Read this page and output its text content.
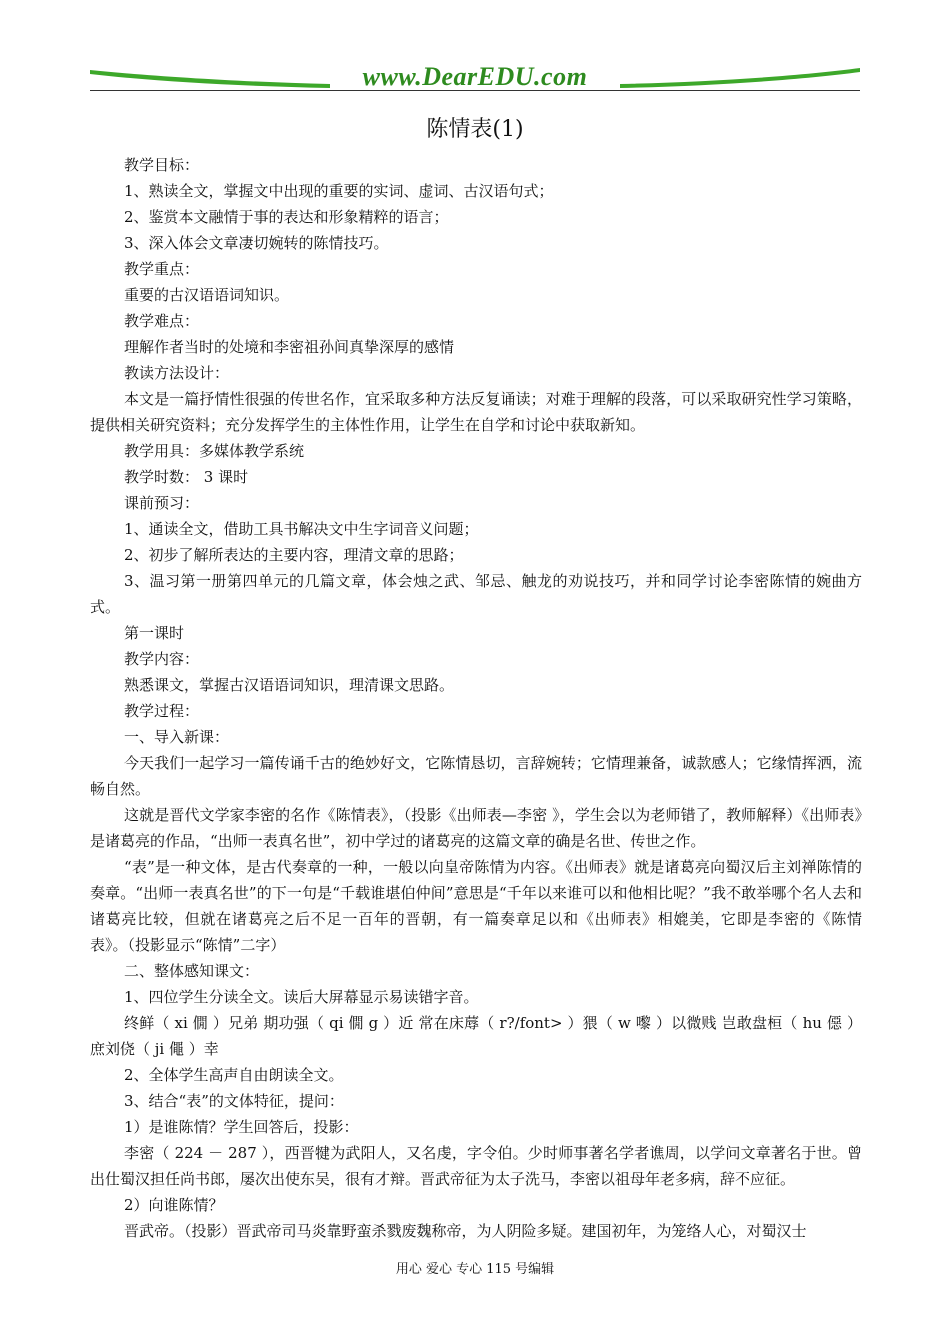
www.DearEDU.com
陈情表(1)

教学目标：

1、熟读全文，掌握文中出现的重要的实词、虚词、古汉语句式；

2、鉴赏本文融情于事的表达和形象精粹的语言；

3、深入体会文章凄切婉转的陈情技巧。

教学重点：

重要的古汉语语词知识。

教学难点：

理解作者当时的处境和李密祖孙间真挚深厚的感情

教读方法设计：

本文是一篇抒情性很强的传世名作，宜采取多种方法反复诵读；对难于理解的段落，可以采取研究性学习策略，提供相关研究资料；充分发挥学生的主体性作用，让学生在自学和讨论中获取新知。

教学用具：多媒体教学系统

教学时数： 3 课时

课前预习：

1、通读全文，借助工具书解决文中生字词音义问题；

2、初步了解所表达的主要内容，理清文章的思路；

3、温习第一册第四单元的几篇文章，体会烛之武、邹忌、触龙的劝说技巧，并和同学讨论李密陈情的婉曲方式。

第一课时

教学内容：

熟悉课文，掌握古汉语语词知识，理清课文思路。

教学过程：

一、导入新课：

今天我们一起学习一篇传诵千古的绝妙好文，它陈情恳切，言辞婉转；它情理兼备，诚款感人；它缘情挥洒，流畅自然。

这就是晋代文学家李密的名作《陈情表》，（投影《出师表—李密 》，学生会以为老师错了，教师解释）《出师表》是诸葛亮的作品，“出师一表真名世”，初中学过的诸葛亮的这篇文章的确是名世、传世之作。

“表”是一种文体，是古代奏章的一种，一般以向皇帝陈情为内容。《出师表》就是诸葛亮向蜀汉后主刘禅陈情的奏章。“出师一表真名世”的下一句是“千载谁堪伯仲间”意思是“千年以来谁可以和他相比呢？”我不敢举哪个名人去和诸葛亮比较，但就在诸葛亮之后不足一百年的晋朝，有一篇奏章足以和《出师表》相媲美，它即是李密的《陈情表》。（投影显示“陈情”二字）

二、整体感知课文：

1、四位学生分读全文。读后大屏幕显示易读错字音。

终鲜（ xi 僩 ）兄弟 期功强（ qi 僩 g ）近 常在床蓐（ r?/font> ）猥（ w 嚟 ）以微贱 岂敢盘桓（ hu 僫 ）庶刘侥（ ji 僶 ）幸

2、全体学生高声自由朗读全文。

3、结合“表”的文体特征，提问：

1）是谁陈情？学生回答后，投影：

李密（ 224 － 287 ），西晋犍为武阳人，又名虔，字令伯。少时师事著名学者谯周，以学问文章著名于世。曾出仕蜀汉担任尚书郎，屡次出使东吴，很有才辩。晋武帝征为太子洗马，李密以祖母年老多病，辞不应征。

2）向谁陈情？

晋武帝。（投影）晋武帝司马炎靠野蛮杀戮废魏称帝，为人阴险多疑。建国初年，为笼络人心，对蜀汉士

用心 爱心 专心 115 号编辑
